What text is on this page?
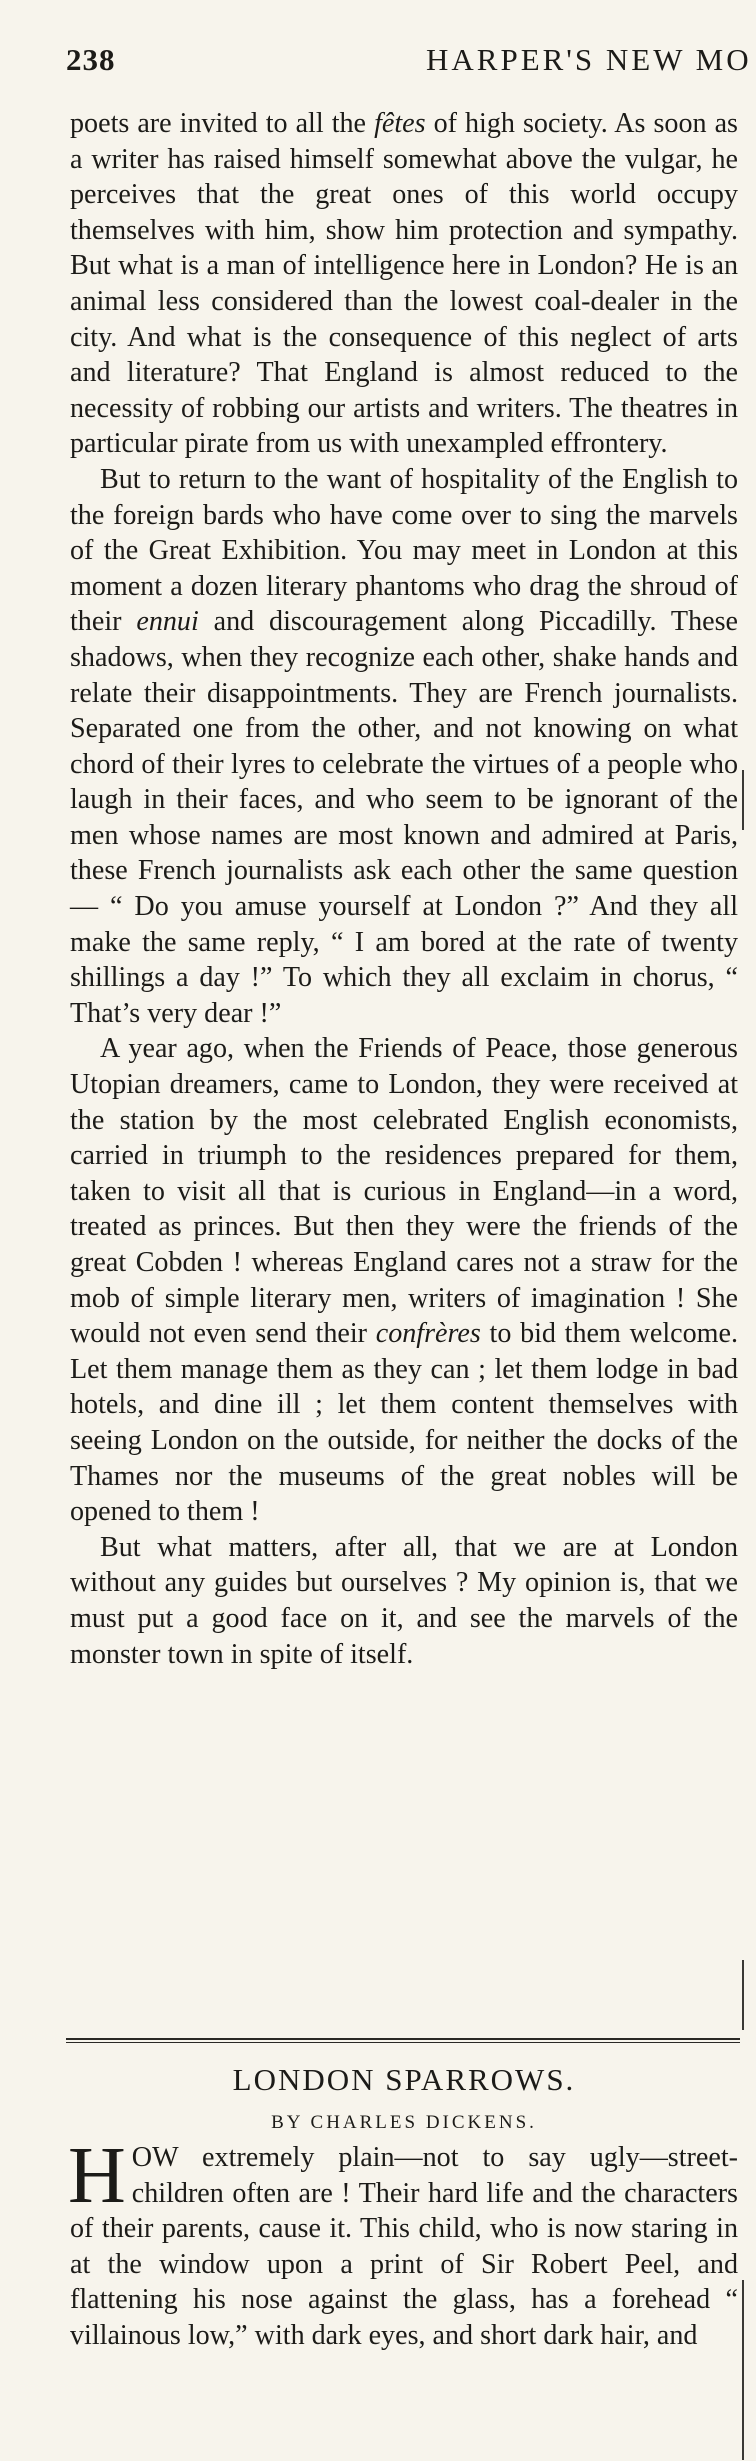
238	HARPER'S NEW MO

poets are invited to all the fêtes of high society. As soon as a writer has raised himself somewhat above the vulgar, he perceives that the great ones of this world occupy themselves with him, show him protection and sympathy. But what is a man of intelligence here in London? He is an animal less considered than the lowest coal-dealer in the city. And what is the consequence of this neglect of arts and literature? That England is almost reduced to the necessity of robbing our artists and writers. The theatres in particular pirate from us with unexampled effrontery.

But to return to the want of hospitality of the English to the foreign bards who have come over to sing the marvels of the Great Exhibition. You may meet in London at this moment a dozen literary phantoms who drag the shroud of their ennui and discouragement along Piccadilly. These shadows, when they recognize each other, shake hands and relate their disappointments. They are French journalists. Separated one from the other, and not knowing on what chord of their lyres to celebrate the virtues of a people who laugh in their faces, and who seem to be ignorant of the men whose names are most known and admired at Paris, these French journalists ask each other the same question — “ Do you amuse yourself at London ?” And they all make the same reply, “ I am bored at the rate of twenty shillings a day !” To which they all exclaim in chorus, “ That’s very dear !”

A year ago, when the Friends of Peace, those generous Utopian dreamers, came to London, they were received at the station by the most celebrated English economists, carried in triumph to the residences prepared for them, taken to visit all that is curious in England—in a word, treated as princes. But then they were the friends of the great Cobden ! whereas England cares not a straw for the mob of simple literary men, writers of imagination ! She would not even send their confrères to bid them welcome. Let them manage them as they can ; let them lodge in bad hotels, and dine ill ; let them content themselves with seeing London on the outside, for neither the docks of the Thames nor the museums of the great nobles will be opened to them !

But what matters, after all, that we are at London without any guides but ourselves ? My opinion is, that we must put a good face on it, and see the marvels of the monster town in spite of itself.

LONDON SPARROWS.
BY CHARLES DICKENS.

HOW extremely plain—not to say ugly—street-children often are ! Their hard life and the characters of their parents, cause it. This child, who is now staring in at the window upon a print of Sir Robert Peel, and flattening his nose against the glass, has a forehead “ villainous low,” with dark eyes, and short dark hair, and
